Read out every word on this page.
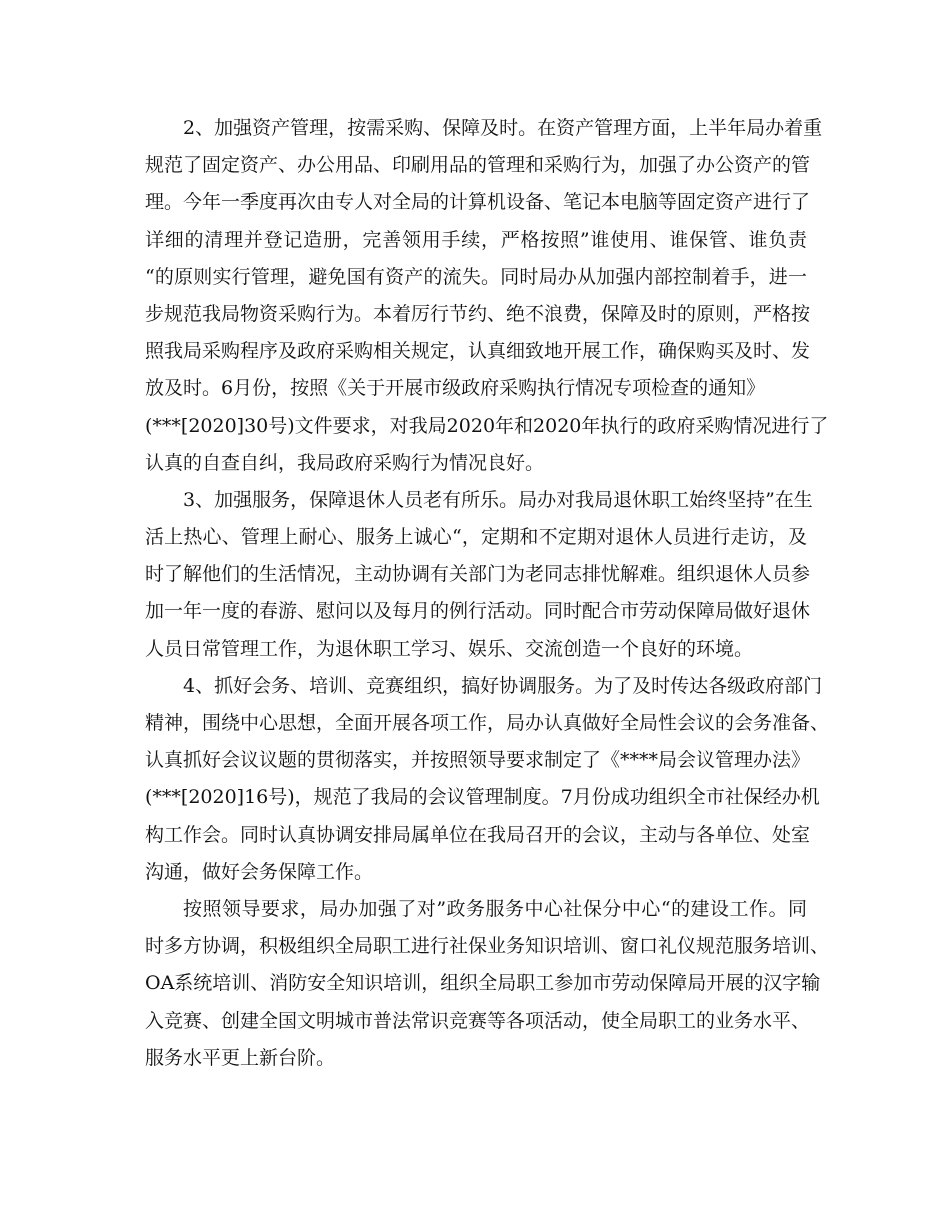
2、加强资产管理，按需采购、保障及时。在资产管理方面，上半年局办着重
规范了固定资产、办公用品、印刷用品的管理和采购行为，加强了办公资产的管
理。今年一季度再次由专人对全局的计算机设备、笔记本电脑等固定资产进行了
详细的清理并登记造册，完善领用手续，严格按照”谁使用、谁保管、谁负责
“的原则实行管理，避免国有资产的流失。同时局办从加强内部控制着手，进一
步规范我局物资采购行为。本着厉行节约、绝不浪费，保障及时的原则，严格按
照我局采购程序及政府采购相关规定，认真细致地开展工作，确保购买及时、发
放及时。6月份，按照《关于开展市级政府采购执行情况专项检查的通知》
(***[2020]30号)文件要求，对我局2020年和2020年执行的政府采购情况进行了
认真的自查自纠，我局政府采购行为情况良好。
3、加强服务，保障退休人员老有所乐。局办对我局退休职工始终坚持”在生
活上热心、管理上耐心、服务上诚心“，定期和不定期对退休人员进行走访，及
时了解他们的生活情况，主动协调有关部门为老同志排忧解难。组织退休人员参
加一年一度的春游、慰问以及每月的例行活动。同时配合市劳动保障局做好退休
人员日常管理工作，为退休职工学习、娱乐、交流创造一个良好的环境。
4、抓好会务、培训、竞赛组织，搞好协调服务。为了及时传达各级政府部门
精神，围绕中心思想，全面开展各项工作，局办认真做好全局性会议的会务准备、
认真抓好会议议题的贯彻落实，并按照领导要求制定了《****局会议管理办法》
(***[2020]16号)，规范了我局的会议管理制度。7月份成功组织全市社保经办机
构工作会。同时认真协调安排局属单位在我局召开的会议，主动与各单位、处室
沟通，做好会务保障工作。
按照领导要求，局办加强了对”政务服务中心社保分中心“的建设工作。同
时多方协调，积极组织全局职工进行社保业务知识培训、窗口礼仪规范服务培训、
OA系统培训、消防安全知识培训，组织全局职工参加市劳动保障局开展的汉字输
入竞赛、创建全国文明城市普法常识竞赛等各项活动，使全局职工的业务水平、
服务水平更上新台阶。
